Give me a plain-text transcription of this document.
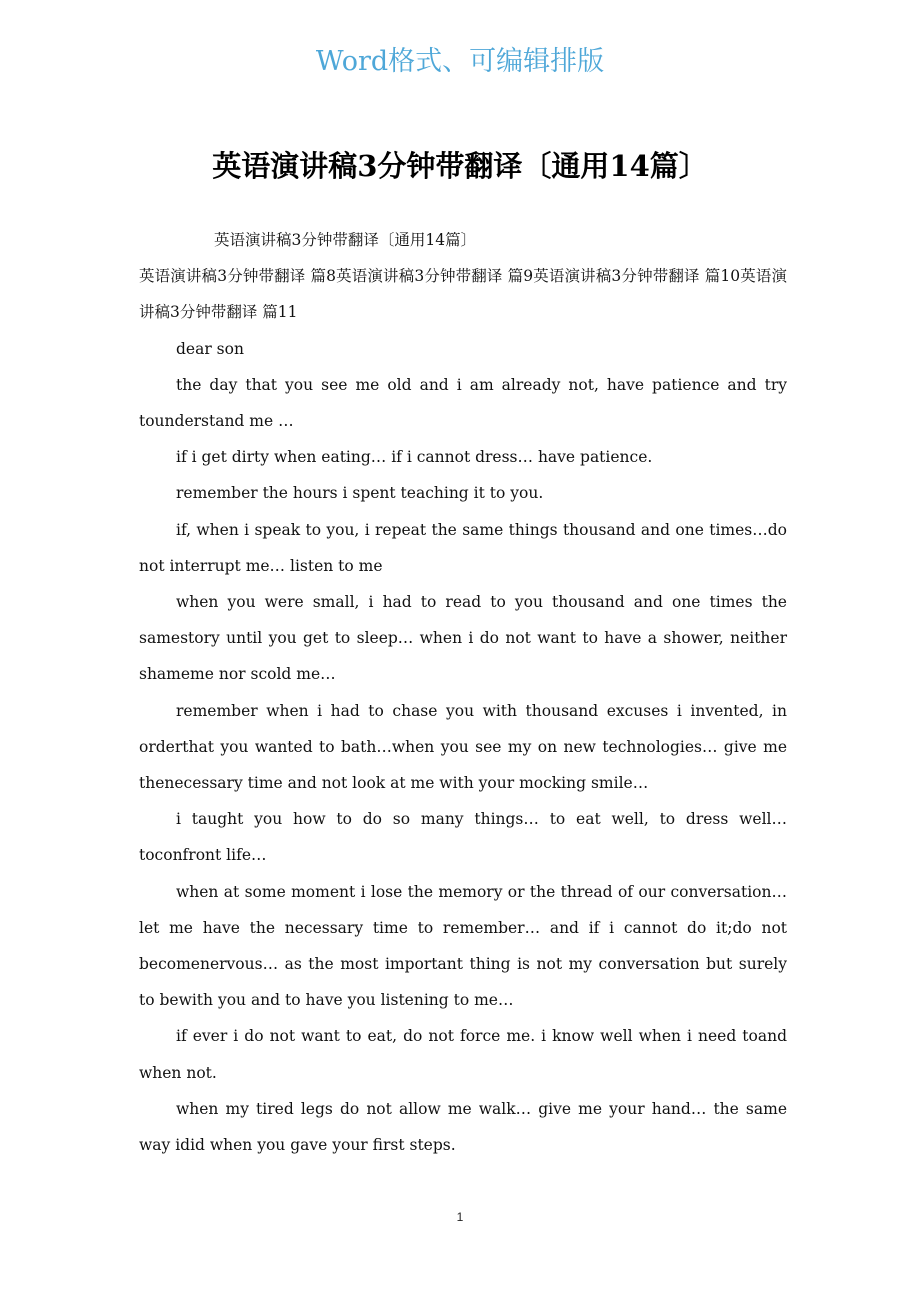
Word格式、可编辑排版
英语演讲稿3分钟带翻译〔通用14篇〕

英语演讲稿3分钟带翻译〔通用14篇〕

英语演讲稿3分钟带翻译 篇8英语演讲稿3分钟带翻译 篇9英语演讲稿3分钟带翻译 篇10英语演讲稿3分钟带翻译 篇11

dear son

the day that you see me old and i am already not, have patience and try tounderstand me …

if i get dirty when eating… if i cannot dress… have patience.

remember the hours i spent teaching it to you.

if, when i speak to you, i repeat the same things thousand and one times…do not interrupt me… listen to me

when you were small, i had to read to you thousand and one times the samestory until you get to sleep… when i do not want to have a shower, neither shameme nor scold me…

remember when i had to chase you with thousand excuses i invented, in orderthat you wanted to bath…when you see my on new technologies… give me thenecessary time and not look at me with your mocking smile…

i taught you how to do so many things… to eat well, to dress well… toconfront life…

when at some moment i lose the memory or the thread of our conversation…let me have the necessary time to remember… and if i cannot do it;do not becomenervous… as the most important thing is not my conversation but surely to bewith you and to have you listening to me…

if ever i do not want to eat, do not force me. i know well when i need toand when not.

when my tired legs do not allow me walk… give me your hand… the same way idid when you gave your first steps.

1
